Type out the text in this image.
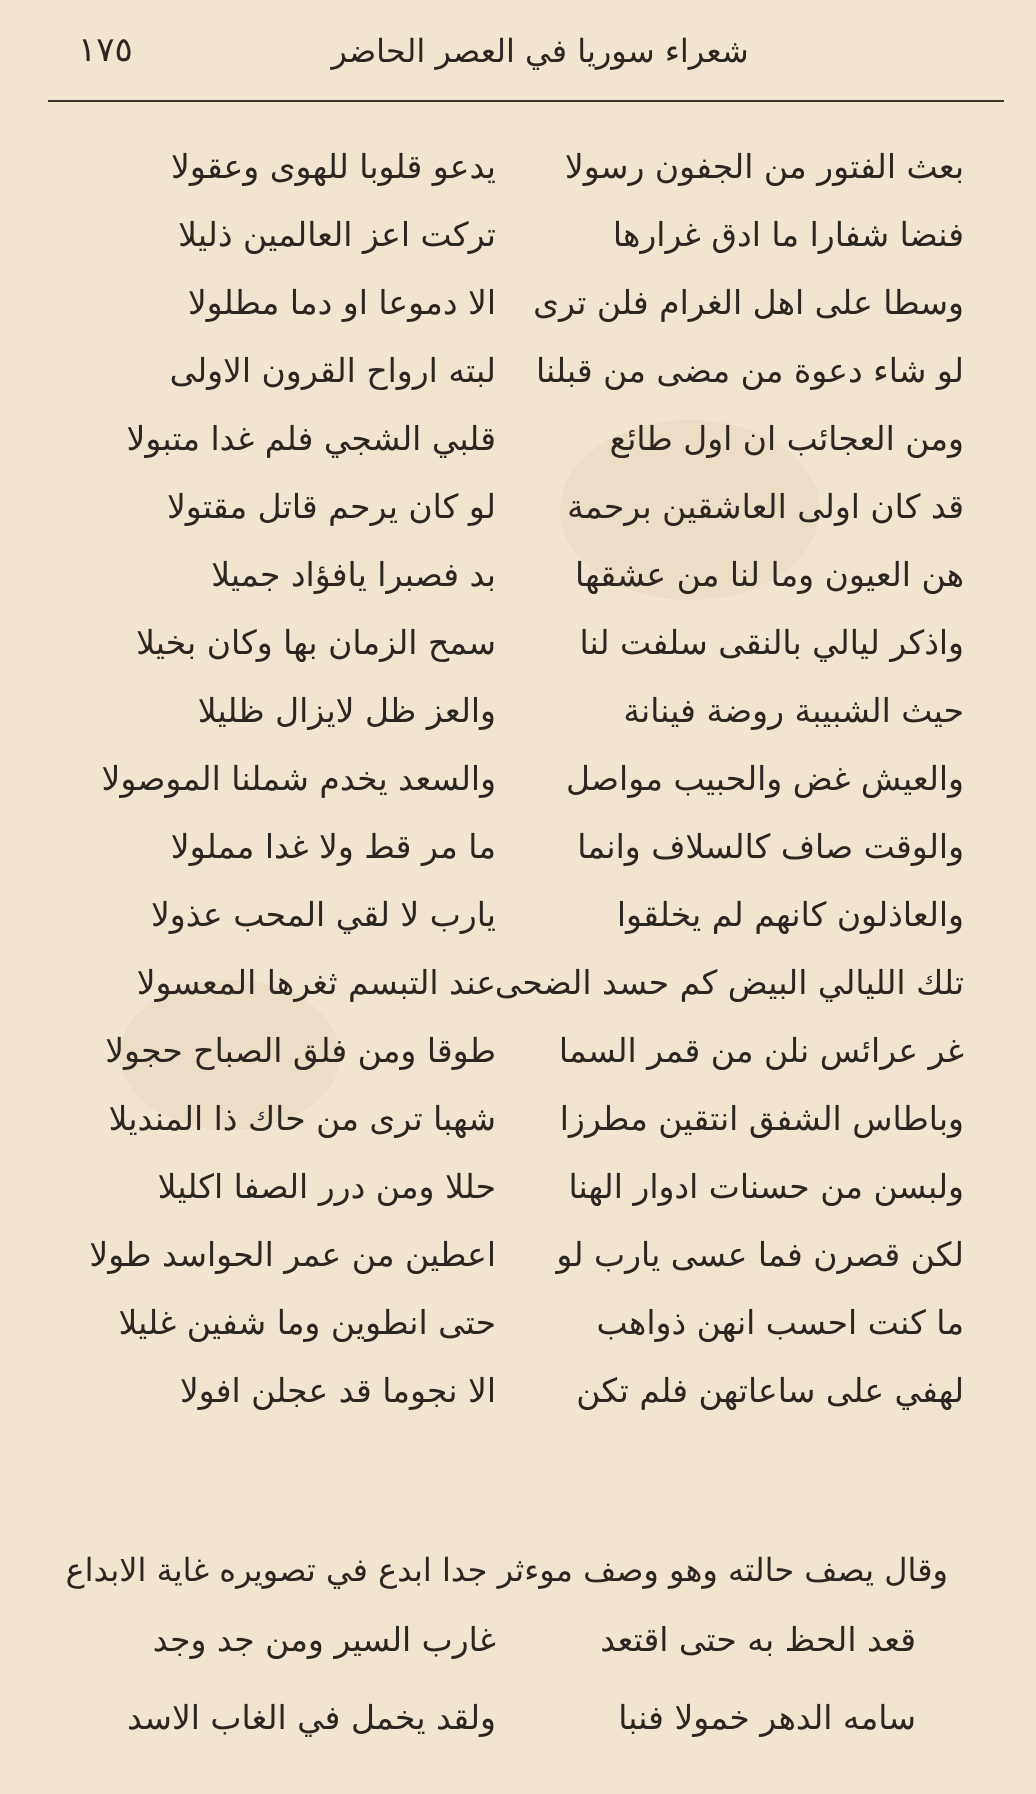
١٧٥	شعراء سوريا في العصر الحاضر
بعث الفتور من الجفون رسولا
يدعو قلوبا للهوى وعقولا
فنضا شفارا ما ادق غرارها
تركت اعز العالمين ذليلا
وسطا على اهل الغرام فلن ترى
الا دموعا او دما مطلولا
لو شاء دعوة من مضى من قبلنا
لبته ارواح القرون الاولى
ومن العجائب ان اول طائع
قلبي الشجي فلم غدا متبولا
قد كان اولى العاشقين برحمة
لو كان يرحم قاتل مقتولا
هن العيون وما لنا من عشقها
بد فصبرا يافؤاد جميلا
واذكر ليالي بالنقى سلفت لنا
سمح الزمان بها وكان بخيلا
حيث الشبيبة روضة فينانة
والعز ظل لايزال ظليلا
والعيش غض والحبيب مواصل
والسعد يخدم شملنا الموصولا
والوقت صاف كالسلاف وانما
ما مر قط ولا غدا مملولا
والعاذلون كانهم لم يخلقوا
يارب لا لقي المحب عذولا
تلك الليالي البيض كم حسد الضحى
عند التبسم ثغرها المعسولا
غر عرائس نلن من قمر السما
طوقا ومن فلق الصباح حجولا
وباطاس الشفق انتقين مطرزا
شهبا ترى من حاك ذا المنديلا
ولبسن من حسنات ادوار الهنا
حللا ومن درر الصفا اكليلا
لكن قصرن فما عسى يارب لو
اعطين من عمر الحواسد طولا
ما كنت احسب انهن ذواهب
حتى انطوين وما شفين غليلا
لهفي على ساعاتهن فلم تكن
الا نجوما قد عجلن افولا
وقال يصف حالته وهو وصف موءثر جدا ابدع في تصويره غاية الابداع
قعد الحظ به حتى اقتعد
غارب السير ومن جد وجد
سامه الدهر خمولا فنبا
ولقد يخمل في الغاب الاسد
